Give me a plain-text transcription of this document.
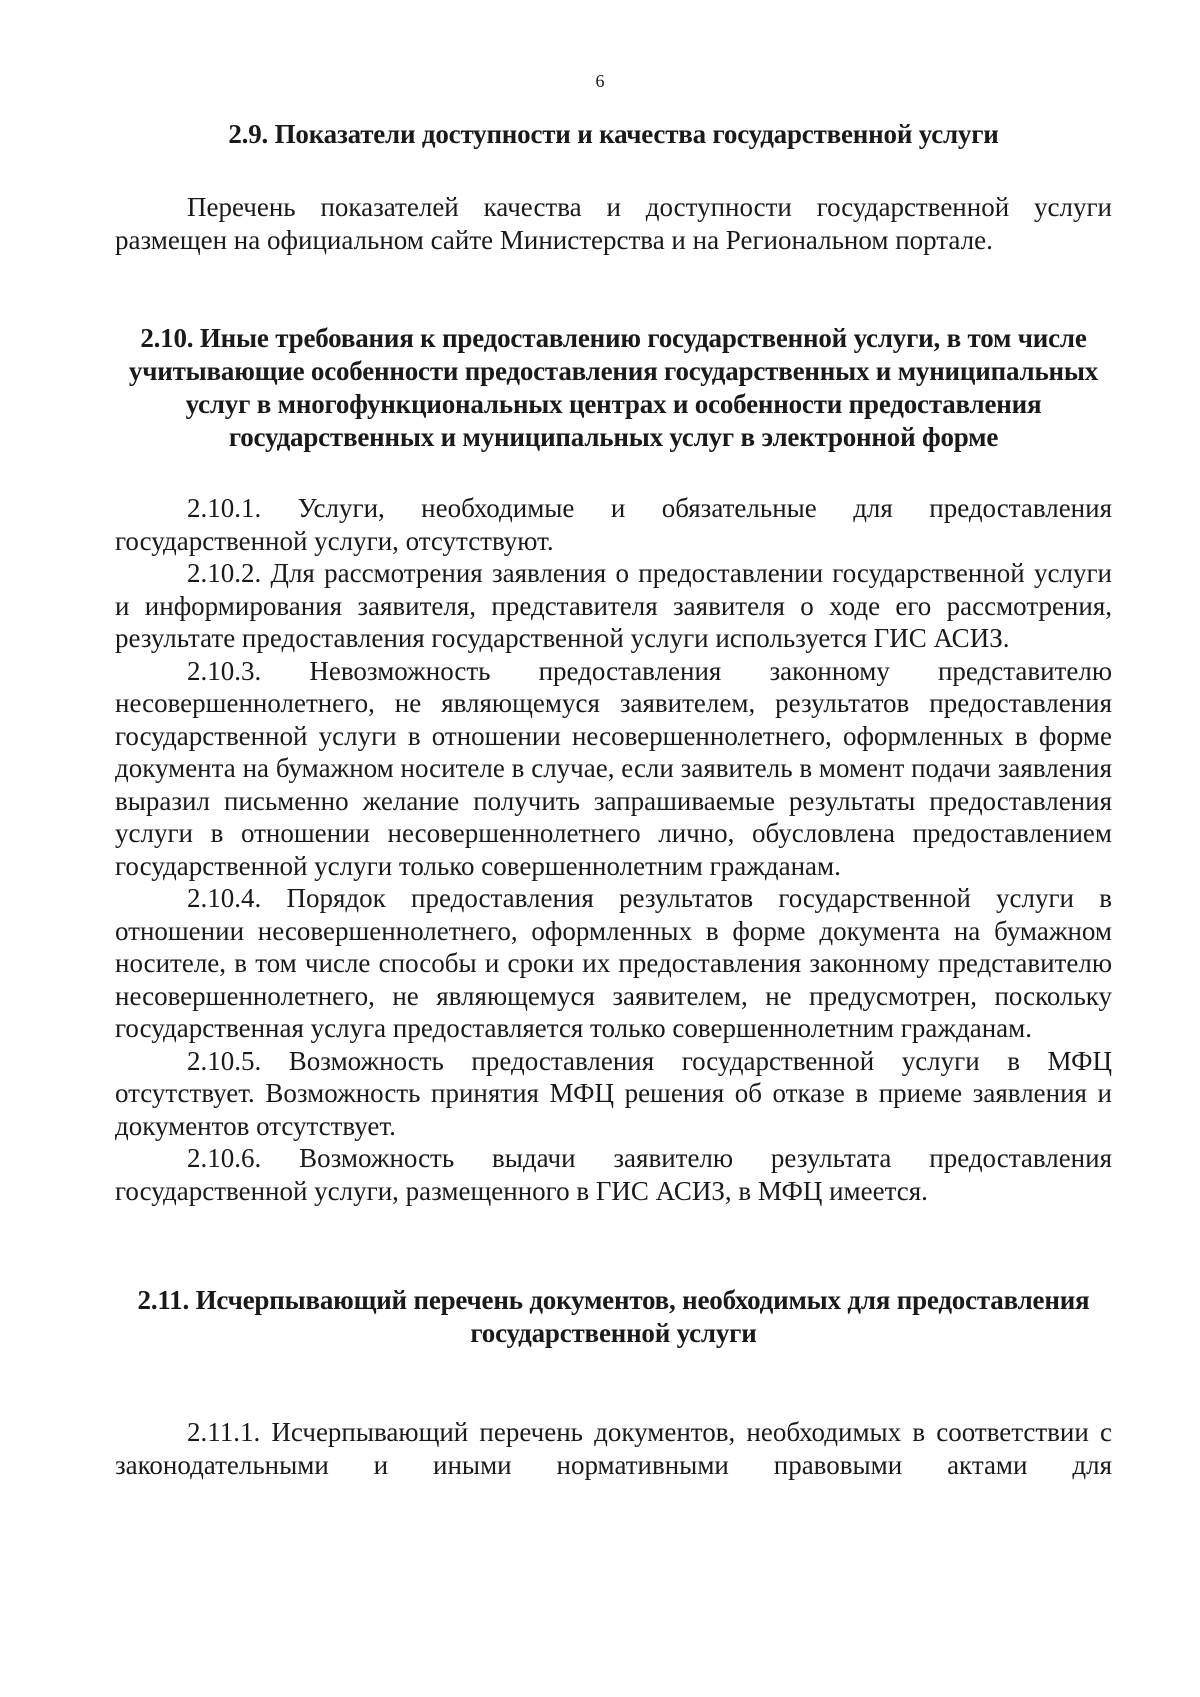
6
2.9. Показатели доступности и качества государственной услуги

Перечень показателей качества и доступности государственной услуги размещен на официальном сайте Министерства и на Региональном портале.

2.10. Иные требования к предоставлению государственной услуги, в том числе учитывающие особенности предоставления государственных и муниципальных услуг в многофункциональных центрах и особенности предоставления государственных и муниципальных услуг в электронной форме

2.10.1. Услуги, необходимые и обязательные для предоставления государственной услуги, отсутствуют.

2.10.2. Для рассмотрения заявления о предоставлении государственной услуги и информирования заявителя, представителя заявителя о ходе его рассмотрения, результате предоставления государственной услуги используется ГИС АСИЗ.

2.10.3. Невозможность предоставления законному представителю несовершеннолетнего, не являющемуся заявителем, результатов предоставления государственной услуги в отношении несовершеннолетнего, оформленных в форме документа на бумажном носителе в случае, если заявитель в момент подачи заявления выразил письменно желание получить запрашиваемые результаты предоставления услуги в отношении несовершеннолетнего лично, обусловлена предоставлением государственной услуги только совершеннолетним гражданам.

2.10.4. Порядок предоставления результатов государственной услуги в отношении несовершеннолетнего, оформленных в форме документа на бумажном носителе, в том числе способы и сроки их предоставления законному представителю несовершеннолетнего, не являющемуся заявителем, не предусмотрен, поскольку государственная услуга предоставляется только совершеннолетним гражданам.

2.10.5. Возможность предоставления государственной услуги в МФЦ отсутствует. Возможность принятия МФЦ решения об отказе в приеме заявления и документов отсутствует.

2.10.6. Возможность выдачи заявителю результата предоставления государственной услуги, размещенного в ГИС АСИЗ, в МФЦ имеется.

2.11. Исчерпывающий перечень документов, необходимых для предоставления государственной услуги

2.11.1. Исчерпывающий перечень документов, необходимых в соответствии с законодательными и иными нормативными правовыми актами для
